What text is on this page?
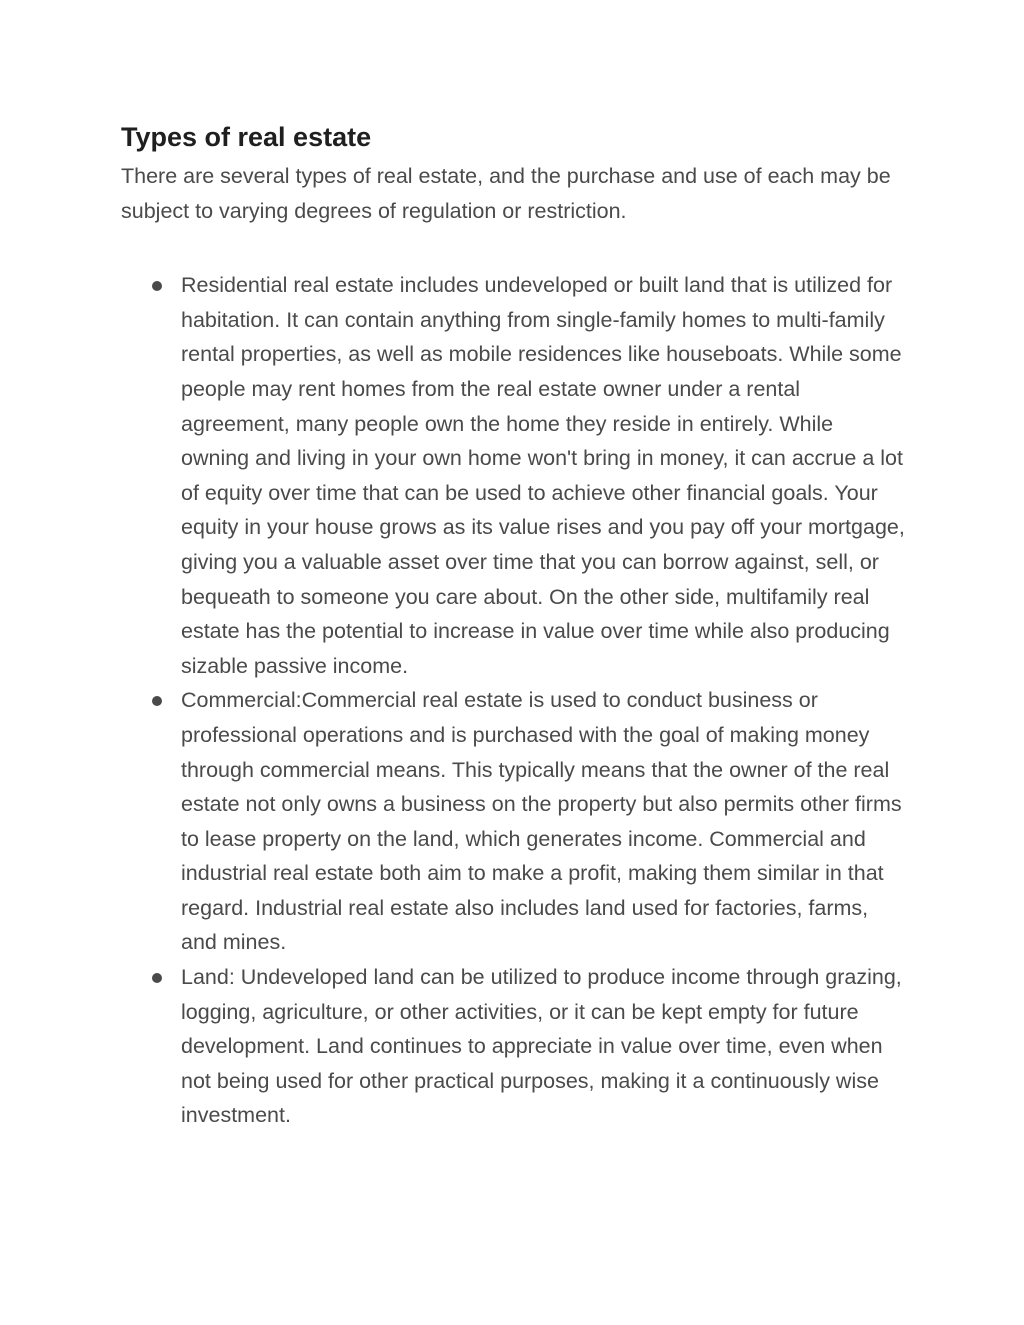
Types of real estate

There are several types of real estate, and the purchase and use of each may be subject to varying degrees of regulation or restriction.

Residential real estate includes undeveloped or built land that is utilized for habitation. It can contain anything from single-family homes to multi-family rental properties, as well as mobile residences like houseboats. While some people may rent homes from the real estate owner under a rental agreement, many people own the home they reside in entirely. While owning and living in your own home won't bring in money, it can accrue a lot of equity over time that can be used to achieve other financial goals. Your equity in your house grows as its value rises and you pay off your mortgage, giving you a valuable asset over time that you can borrow against, sell, or bequeath to someone you care about. On the other side, multifamily real estate has the potential to increase in value over time while also producing sizable passive income.
Commercial:Commercial real estate is used to conduct business or professional operations and is purchased with the goal of making money through commercial means. This typically means that the owner of the real estate not only owns a business on the property but also permits other firms to lease property on the land, which generates income. Commercial and industrial real estate both aim to make a profit, making them similar in that regard. Industrial real estate also includes land used for factories, farms, and mines.
Land: Undeveloped land can be utilized to produce income through grazing, logging, agriculture, or other activities, or it can be kept empty for future development. Land continues to appreciate in value over time, even when not being used for other practical purposes, making it a continuously wise investment.
